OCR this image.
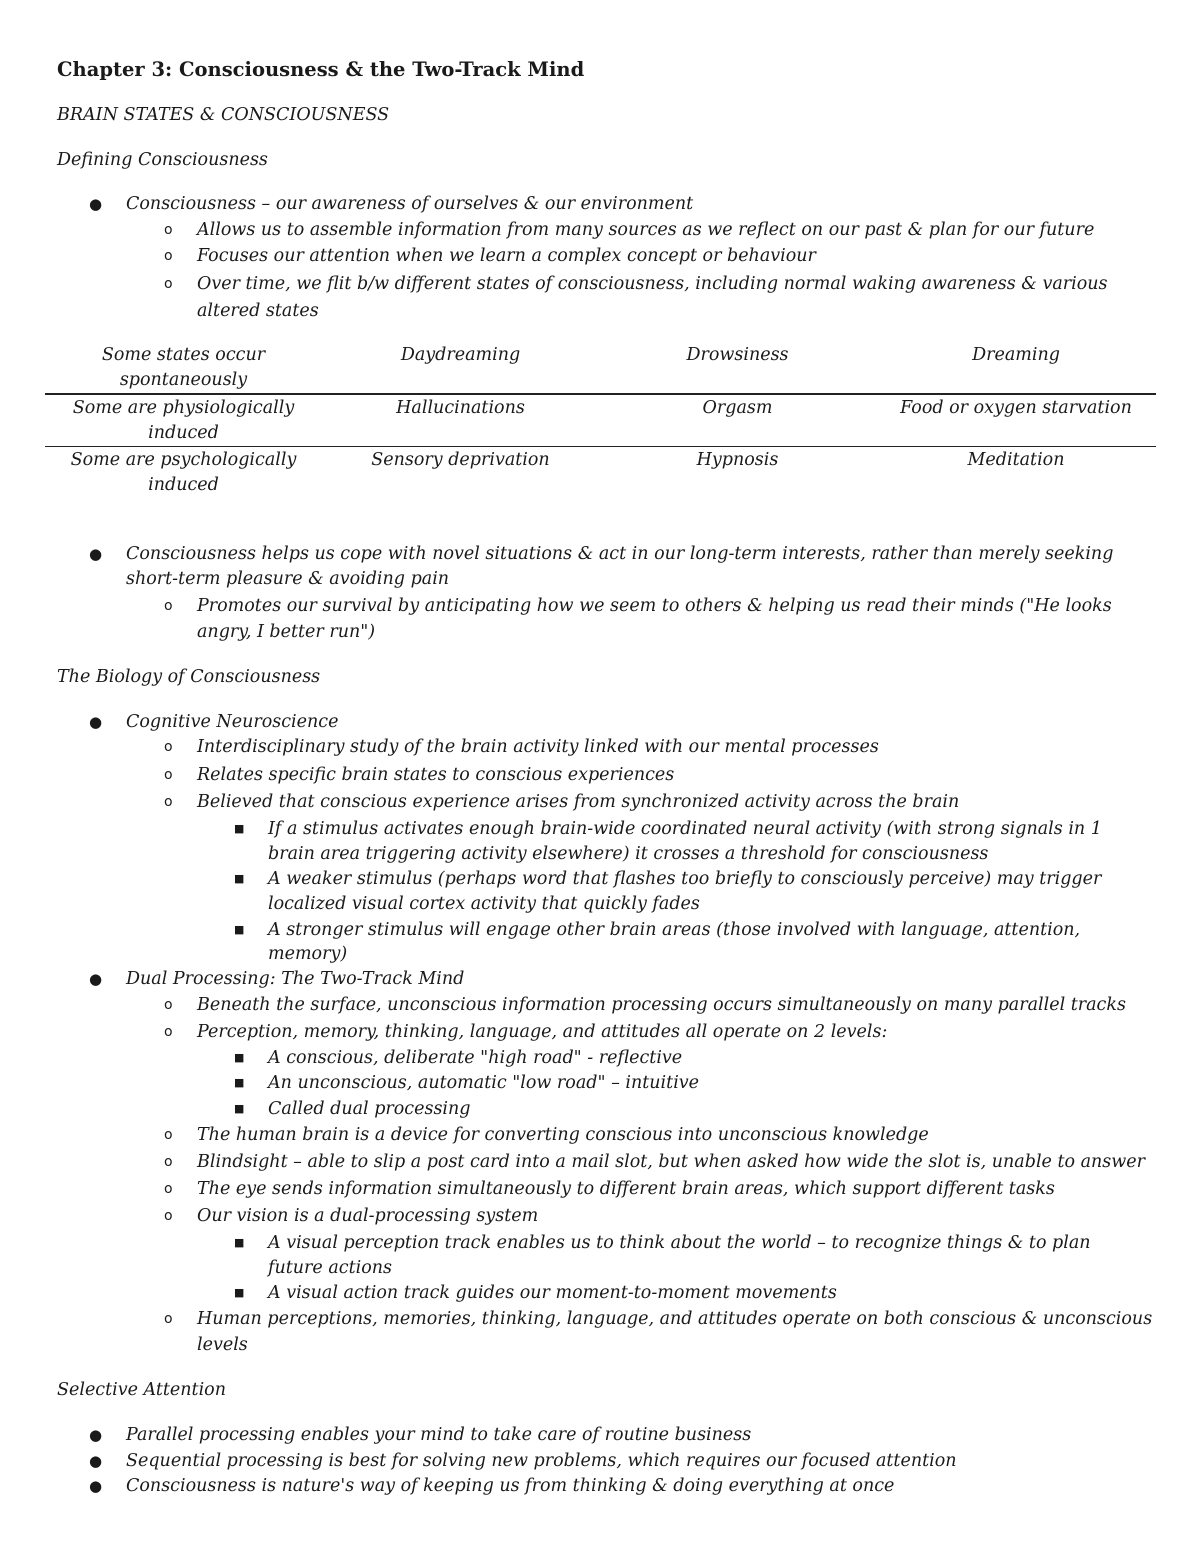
Chapter 3: Consciousness & the Two-Track Mind
BRAIN STATES & CONSCIOUSNESS
Defining Consciousness
● Consciousness – our awareness of ourselves & our environment
o Allows us to assemble information from many sources as we reflect on our past & plan for our future
o Focuses our attention when we learn a complex concept or behaviour
o Over time, we flit b/w different states of consciousness, including normal waking awareness & various
altered states
Some states occur spontaneously	Daydreaming	Drowsiness	Dreaming
Some are physiologically induced	Hallucinations	Orgasm	Food or oxygen starvation
Some are psychologically induced	Sensory deprivation	Hypnosis	Meditation
● Consciousness helps us cope with novel situations & act in our long-term interests, rather than merely seeking
short-term pleasure & avoiding pain
o Promotes our survival by anticipating how we seem to others & helping us read their minds ("He looks
angry, I better run")
The Biology of Consciousness
● Cognitive Neuroscience
o Interdisciplinary study of the brain activity linked with our mental processes
o Relates specific brain states to conscious experiences
o Believed that conscious experience arises from synchronized activity across the brain
■ If a stimulus activates enough brain-wide coordinated neural activity (with strong signals in 1
brain area triggering activity elsewhere) it crosses a threshold for consciousness
■ A weaker stimulus (perhaps word that flashes too briefly to consciously perceive) may trigger
localized visual cortex activity that quickly fades
■ A stronger stimulus will engage other brain areas (those involved with language, attention,
memory)
● Dual Processing: The Two-Track Mind
o Beneath the surface, unconscious information processing occurs simultaneously on many parallel tracks
o Perception, memory, thinking, language, and attitudes all operate on 2 levels:
■ A conscious, deliberate "high road" - reflective
■ An unconscious, automatic "low road" – intuitive
■ Called dual processing
o The human brain is a device for converting conscious into unconscious knowledge
o Blindsight – able to slip a post card into a mail slot, but when asked how wide the slot is, unable to answer
o The eye sends information simultaneously to different brain areas, which support different tasks
o Our vision is a dual-processing system
■ A visual perception track enables us to think about the world – to recognize things & to plan
future actions
■ A visual action track guides our moment-to-moment movements
o Human perceptions, memories, thinking, language, and attitudes operate on both conscious & unconscious
levels
Selective Attention
● Parallel processing enables your mind to take care of routine business
● Sequential processing is best for solving new problems, which requires our focused attention
● Consciousness is nature's way of keeping us from thinking & doing everything at once
